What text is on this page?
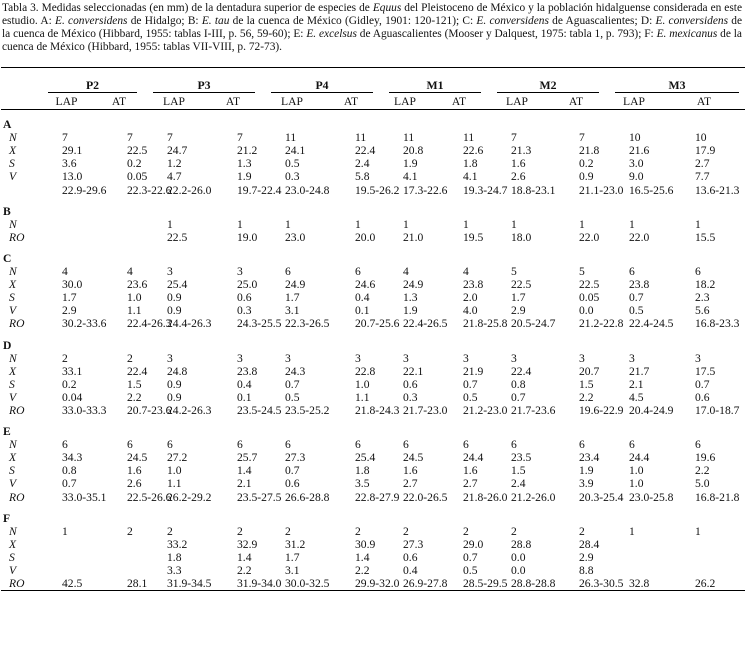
Tabla 3. Medidas seleccionadas (en mm) de la dentadura superior de especies de Equus del Pleistoceno de México y la población hidalguense considerada en este estudio. A: E. conversidens de Hidalgo; B: E. tau de la cuenca de México (Gidley, 1901: 120-121); C: E. conversidens de Aguascalientes; D: E. conversidens de la cuenca de México (Hibbard, 1955: tablas I-III, p. 56, 59-60); E: E. excelsus de Aguascalientes (Mooser y Dalquest, 1975: tabla 1, p. 793); F: E. mexicanus de la cuenca de México (Hibbard, 1955: tablas VII-VIII, p. 72-73).

	P2		P3		P4		M1		M2		M3	

	LAP	AT	LAP	AT	LAP	AT	LAP	AT	LAP	AT	LAP	AT

A												
N	7	7	7	7	11	11	11	11	7	7	10	10
X	29.1	22.5	24.7	21.2	24.1	22.4	20.8	22.6	21.3	21.8	21.6	17.9
S	3.6	0.2	1.2	1.3	0.5	2.4	1.9	1.8	1.6	0.2	3.0	2.7
V	13.0	0.05	4.7	1.9	0.3	5.8	4.1	4.1	2.6	0.9	9.0	7.7
	22.9-29.6	22.3-22.6	22.2-26.0	19.7-22.4	23.0-24.8	19.5-26.2	17.3-22.6	19.3-24.7	18.8-23.1	21.1-23.0	16.5-25.6	13.6-21.3

B												
N			1	1	1	1	1	1	1	1	1	1
RO			22.5	19.0	23.0	20.0	21.0	19.5	18.0	22.0	22.0	15.5

C												
N	4	4	3	3	6	6	4	4	5	5	6	6
X	30.0	23.6	25.4	25.0	24.9	24.6	24.9	23.8	22.5	22.5	23.8	18.2
S	1.7	1.0	0.9	0.6	1.7	0.4	1.3	2.0	1.7	0.05	0.7	2.3
V	2.9	1.1	0.9	0.3	3.1	0.1	1.9	4.0	2.9	0.0	0.5	5.6
RO	30.2-33.6	22.4-26.3	24.4-26.3	24.3-25.5	22.3-26.5	20.7-25.6	22.4-26.5	21.8-25.8	20.5-24.7	21.2-22.8	22.4-24.5	16.8-23.3

D												
N	2	2	3	3	3	3	3	3	3	3	3	3
X	33.1	22.4	24.8	23.8	24.3	22.8	22.1	21.9	22.4	20.7	21.7	17.5
S	0.2	1.5	0.9	0.4	0.7	1.0	0.6	0.7	0.8	1.5	2.1	0.7
V	0.04	2.2	0.9	0.1	0.5	1.1	0.3	0.5	0.7	2.2	4.5	0.6
RO	33.0-33.3	20.7-23.6	24.2-26.3	23.5-24.5	23.5-25.2	21.8-24.3	21.7-23.0	21.2-23.0	21.7-23.6	19.6-22.9	20.4-24.9	17.0-18.7

E												
N	6	6	6	6	6	6	6	6	6	6	6	6
X	34.3	24.5	27.2	25.7	27.3	25.4	24.5	24.4	23.5	23.4	24.4	19.6
S	0.8	1.6	1.0	1.4	0.7	1.8	1.6	1.6	1.5	1.9	1.0	2.2
V	0.7	2.6	1.1	2.1	0.6	3.5	2.7	2.7	2.4	3.9	1.0	5.0
RO	33.0-35.1	22.5-26.6	26.2-29.2	23.5-27.5	26.6-28.8	22.8-27.9	22.0-26.5	21.8-26.0	21.2-26.0	20.3-25.4	23.0-25.8	16.8-21.8

F												
N	1	2	2	2	2	2	2	2	2	2	1	1
X			33.2	32.9	31.2	30.9	27.3	29.0	28.8	28.4		
S			1.8	1.4	1.7	1.4	0.6	0.7	0.0	2.9		
V			3.3	2.2	3.1	2.2	0.4	0.5	0.0	8.8		
RO	42.5	28.1	31.9-34.5	31.9-34.0	30.0-32.5	29.9-32.0	26.9-27.8	28.5-29.5	28.8-28.8	26.3-30.5	32.8	26.2
